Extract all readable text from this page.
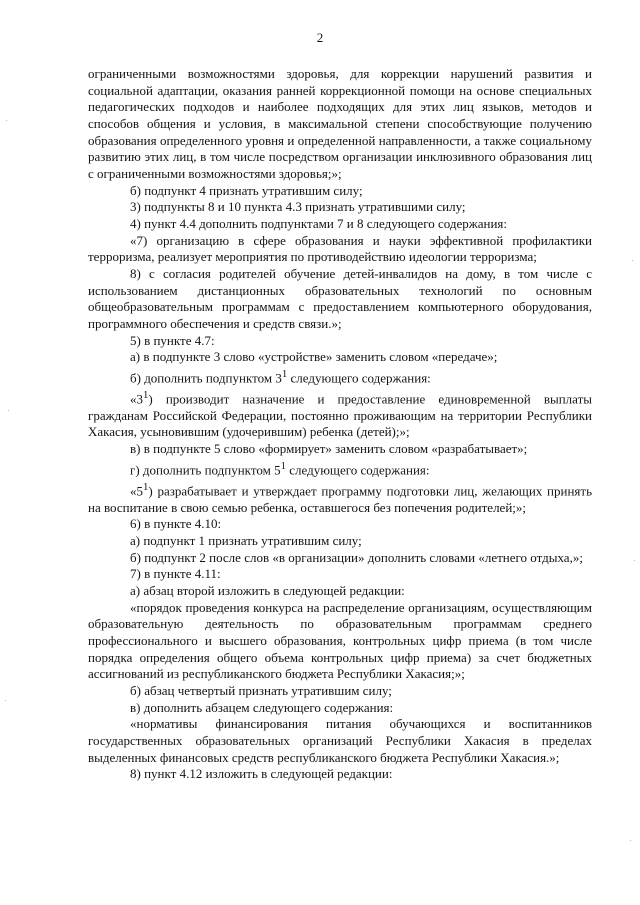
2

ограниченными возможностями здоровья, для коррекции нарушений развития и социальной адаптации, оказания ранней коррекционной помощи на основе специальных педагогических подходов и наиболее подходящих для этих лиц языков, методов и способов общения и условия, в максимальной степени способствующие получению образования определенного уровня и определенной направленности, а также социальному развитию этих лиц, в том числе посредством организации инклюзивного образования лиц с ограниченными возможностями здоровья;»;

б) подпункт 4 признать утратившим силу;

3) подпункты 8 и 10 пункта 4.3 признать утратившими силу;

4) пункт 4.4 дополнить подпунктами 7 и 8 следующего содержания:

«7) организацию в сфере образования и науки эффективной профилактики терроризма, реализует мероприятия по противодействию идеологии терроризма;

8) с согласия родителей обучение детей-инвалидов на дому, в том числе с использованием дистанционных образовательных технологий по основным общеобразовательным программам с предоставлением компьютерного оборудования, программного обеспечения и средств связи.»;

5) в пункте 4.7:

а) в подпункте 3 слово «устройстве» заменить словом «передаче»;

б) дополнить подпунктом $3^1$ следующего содержания:

«$3^1$) производит назначение и предоставление единовременной выплаты гражданам Российской Федерации, постоянно проживающим на территории Республики Хакасия, усыновившим (удочерившим) ребенка (детей);»;

в) в подпункте 5 слово «формирует» заменить словом «разрабатывает»;

г) дополнить подпунктом $5^1$ следующего содержания:

«$5^1$) разрабатывает и утверждает программу подготовки лиц, желающих принять на воспитание в свою семью ребенка, оставшегося без попечения родителей;»;

6) в пункте 4.10:

а) подпункт 1 признать утратившим силу;

б) подпункт 2 после слов «в организации» дополнить словами «летнего отдыха,»;

7) в пункте 4.11:

а) абзац второй изложить в следующей редакции:

«порядок проведения конкурса на распределение организациям, осуществляющим образовательную деятельность по образовательным программам среднего профессионального и высшего образования, контрольных цифр приема (в том числе порядка определения общего объема контрольных цифр приема) за счет бюджетных ассигнований из республиканского бюджета Республики Хакасия;»;

б) абзац четвертый признать утратившим силу;

в) дополнить абзацем следующего содержания:

«нормативы финансирования питания обучающихся и воспитанников государственных образовательных организаций Республики Хакасия в пределах выделенных финансовых средств республиканского бюджета Республики Хакасия.»;

8) пункт 4.12 изложить в следующей редакции:
